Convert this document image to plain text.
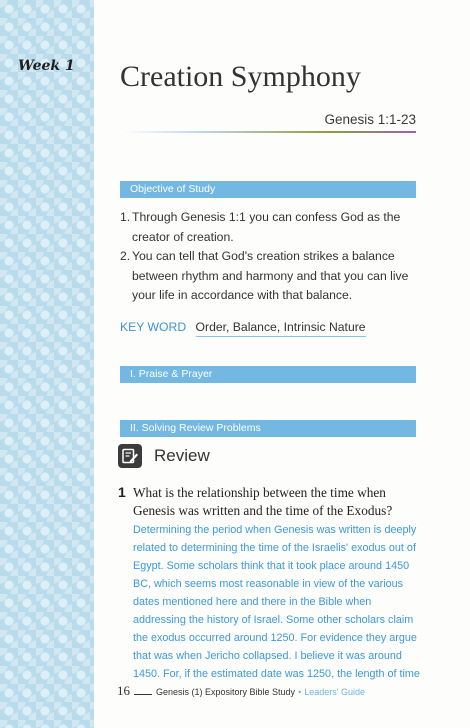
Week 1 Creation Symphony
Genesis 1:1-23
Objective of Study
1. Through Genesis 1:1 you can confess God as the creator of creation.
2. You can tell that God's creation strikes a balance between rhythm and harmony and that you can live your life in accordance with that balance.
KEY WORD Order, Balance, Intrinsic Nature
I. Praise & Prayer
II. Solving Review Problems
Review
1 What is the relationship between the time when Genesis was written and the time of the Exodus?
Determining the period when Genesis was written is deeply related to determining the time of the Israelis' exodus out of Egypt. Some scholars think that it took place around 1450 BC, which seems most reasonable in view of the various dates mentioned here and there in the Bible when addressing the history of Israel. Some other scholars claim the exodus occurred around 1250. For evidence they argue that was when Jericho collapsed. I believe it was around 1450. For, if the estimated date was 1250, the length of time
16	Genesis (1) Expository Bible Study • Leaders' Guide
